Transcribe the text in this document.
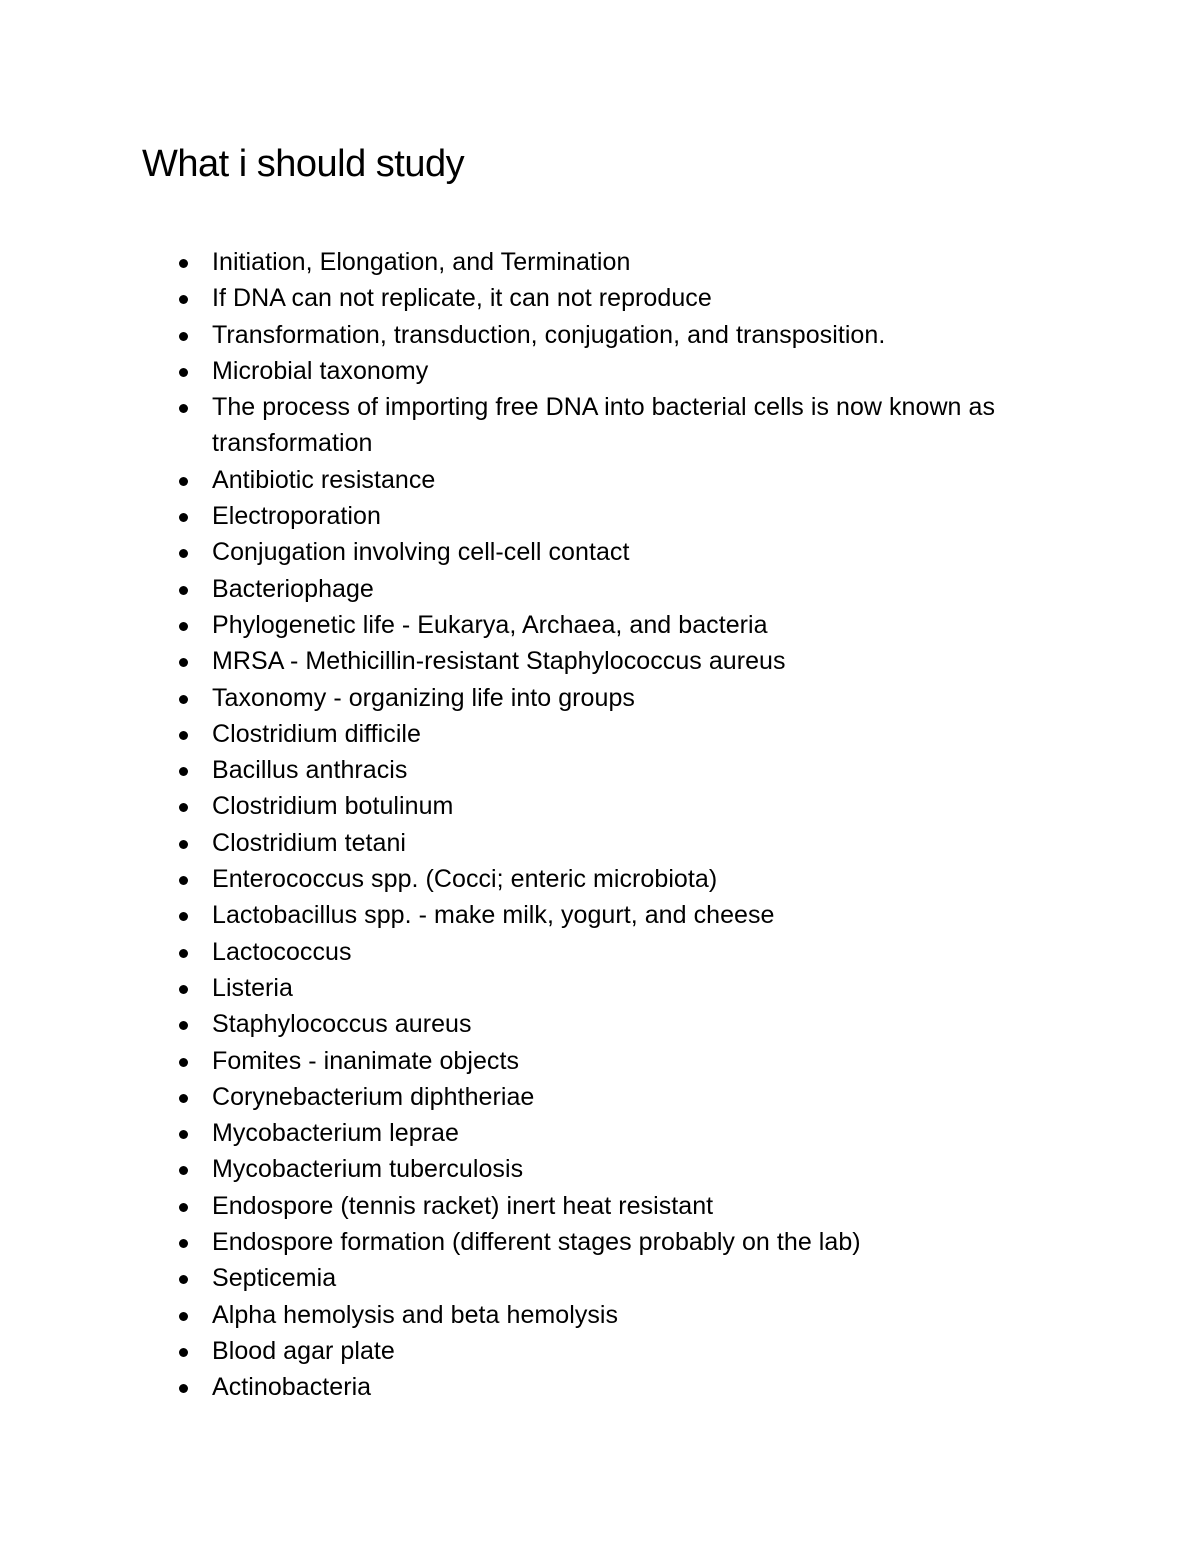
What i should study
Initiation, Elongation, and Termination
If DNA can not replicate, it can not reproduce
Transformation, transduction, conjugation, and transposition.
Microbial taxonomy
The process of importing free DNA into bacterial cells is now known as transformation
Antibiotic resistance
Electroporation
Conjugation involving cell-cell contact
Bacteriophage
Phylogenetic life - Eukarya, Archaea, and bacteria
MRSA - Methicillin-resistant Staphylococcus aureus
Taxonomy - organizing life into groups
Clostridium difficile
Bacillus anthracis
Clostridium botulinum
Clostridium tetani
Enterococcus spp. (Cocci; enteric microbiota)
Lactobacillus spp. - make milk, yogurt, and cheese
Lactococcus
Listeria
Staphylococcus aureus
Fomites - inanimate objects
Corynebacterium diphtheriae
Mycobacterium leprae
Mycobacterium tuberculosis
Endospore (tennis racket) inert heat resistant
Endospore formation (different stages probably on the lab)
Septicemia
Alpha hemolysis and beta hemolysis
Blood agar plate
Actinobacteria
